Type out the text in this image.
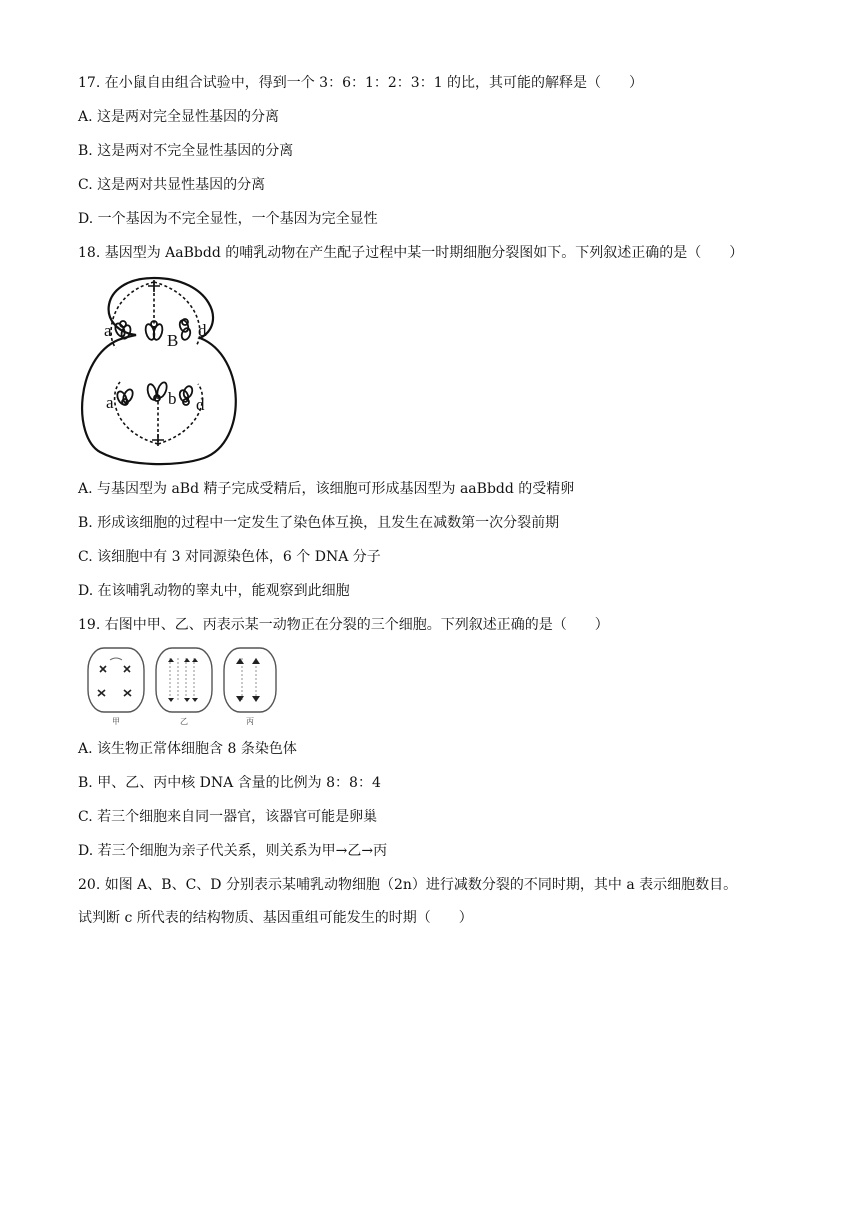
17. 在小鼠自由组合试验中，得到一个 3：6：1：2：3：1 的比，其可能的解释是（　　）
A. 这是两对完全显性基因的分离
B. 这是两对不完全显性基因的分离
C. 这是两对共显性基因的分离
D. 一个基因为不完全显性，一个基因为完全显性
18. 基因型为 AaBbdd 的哺乳动物在产生配子过程中某一时期细胞分裂图如下。下列叙述正确的是（　　）
a
B
d
a	b d
A. 与基因型为 aBd 精子完成受精后，该细胞可形成基因型为 aaBbdd 的受精卵
B. 形成该细胞的过程中一定发生了染色体互换，且发生在减数第一次分裂前期
C. 该细胞中有 3 对同源染色体，6 个 DNA 分子
D. 在该哺乳动物的睾丸中，能观察到此细胞
19. 右图中甲、乙、丙表示某一动物正在分裂的三个细胞。下列叙述正确的是（　　）
甲	乙	丙
A. 该生物正常体细胞含 8 条染色体
B. 甲、乙、丙中核 DNA 含量的比例为 8：8：4
C. 若三个细胞来自同一器官，该器官可能是卵巢
D. 若三个细胞为亲子代关系，则关系为甲→乙→丙
20. 如图 A、B、C、D 分别表示某哺乳动物细胞（2n）进行减数分裂的不同时期，其中 a 表示细胞数目。
试判断 c 所代表的结构物质、基因重组可能发生的时期（　　）
